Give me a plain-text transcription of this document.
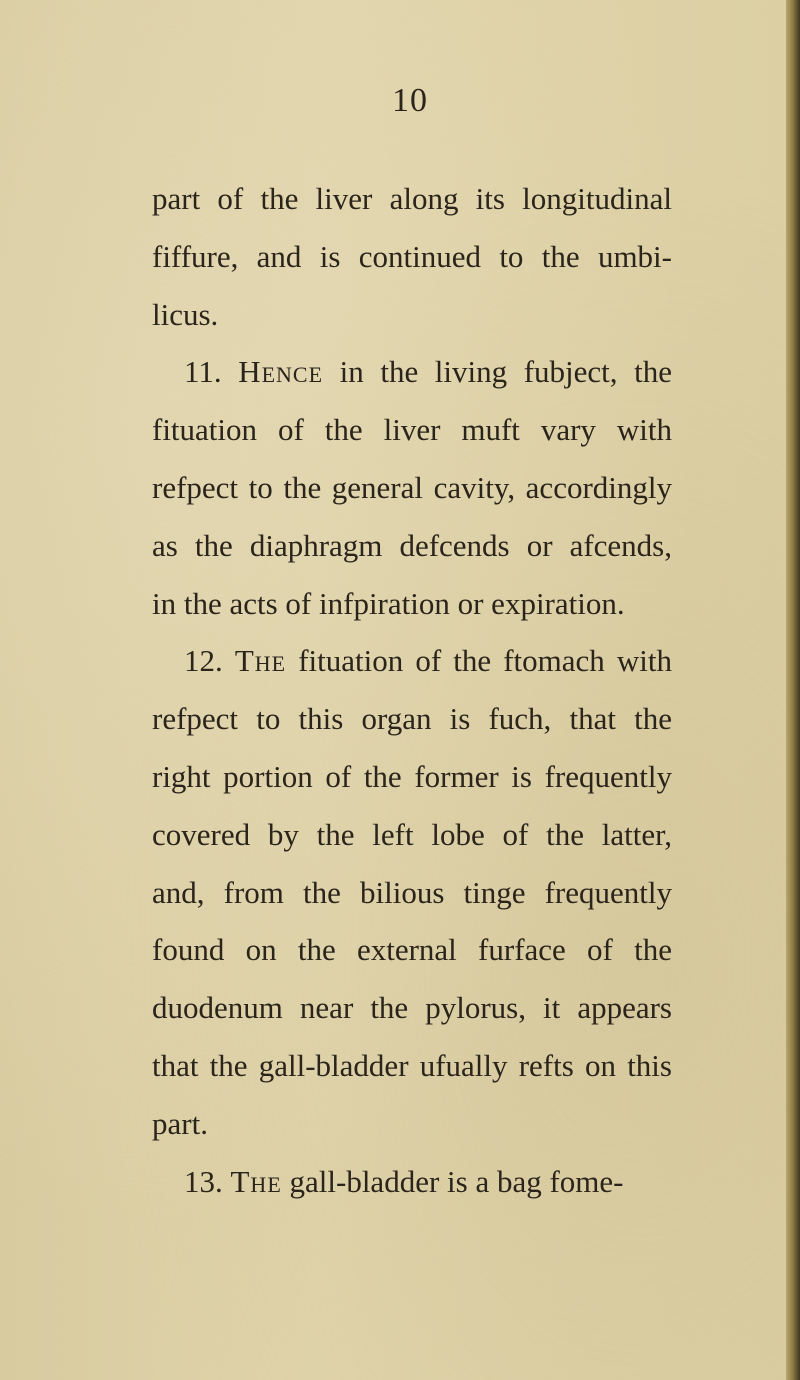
10
part of the liver along its longitudinal
fiffure, and is continued to the umbi-
licus.
11. Hence in the living fubject, the
fituation of the liver muft vary with
refpect to the general cavity, accordingly
as the diaphragm defcends or afcends,
in the acts of infpiration or expiration.
12. The fituation of the ftomach with
refpect to this organ is fuch, that the
right portion of the former is frequently
covered by the left lobe of the latter,
and, from the bilious tinge frequently
found on the external furface of the
duodenum near the pylorus, it appears
that the gall-bladder ufually refts on this
part.
13. The gall-bladder is a bag fome-
